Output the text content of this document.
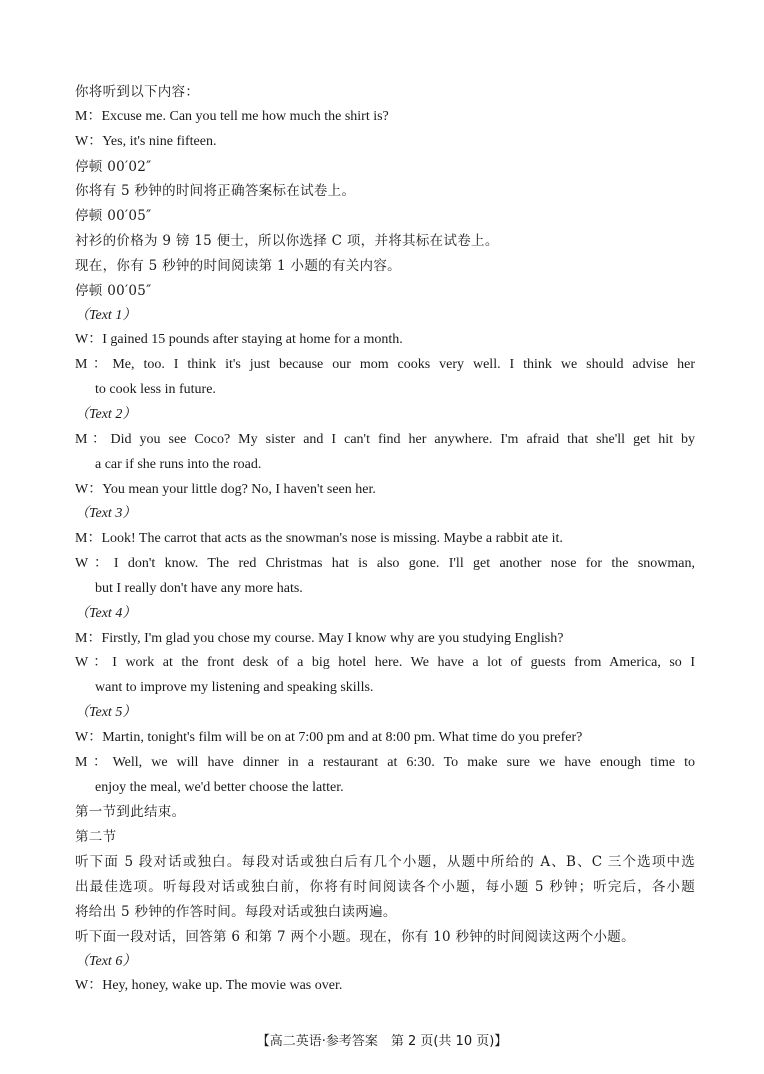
你将听到以下内容：
M：Excuse me. Can you tell me how much the shirt is?
W：Yes, it's nine fifteen.
停顿 00′02″
你将有 5 秒钟的时间将正确答案标在试卷上。
停顿 00′05″
衬衫的价格为 9 镑 15 便士，所以你选择 C 项，并将其标在试卷上。
现在，你有 5 秒钟的时间阅读第 1 小题的有关内容。
停顿 00′05″
（Text 1）
W：I gained 15 pounds after staying at home for a month.
M：Me, too. I think it's just because our mom cooks very well. I think we should advise her
to cook less in future.
（Text 2）
M：Did you see Coco? My sister and I can't find her anywhere. I'm afraid that she'll get hit by
a car if she runs into the road.
W：You mean your little dog? No, I haven't seen her.
（Text 3）
M：Look! The carrot that acts as the snowman's nose is missing. Maybe a rabbit ate it.
W：I don't know. The red Christmas hat is also gone. I'll get another nose for the snowman,
but I really don't have any more hats.
（Text 4）
M：Firstly, I'm glad you chose my course. May I know why are you studying English?
W：I work at the front desk of a big hotel here. We have a lot of guests from America, so I
want to improve my listening and speaking skills.
（Text 5）
W：Martin, tonight's film will be on at 7:00 pm and at 8:00 pm. What time do you prefer?
M：Well, we will have dinner in a restaurant at 6:30. To make sure we have enough time to
enjoy the meal, we'd better choose the latter.
第一节到此结束。
第二节
听下面 5 段对话或独白。每段对话或独白后有几个小题，从题中所给的 A、B、C 三个选项中选
出最佳选项。听每段对话或独白前，你将有时间阅读各个小题，每小题 5 秒钟；听完后，各小题
将给出 5 秒钟的作答时间。每段对话或独白读两遍。
听下面一段对话，回答第 6 和第 7 两个小题。现在，你有 10 秒钟的时间阅读这两个小题。
（Text 6）
W：Hey, honey, wake up. The movie was over.
【高二英语·参考答案　第 2 页(共 10 页)】
